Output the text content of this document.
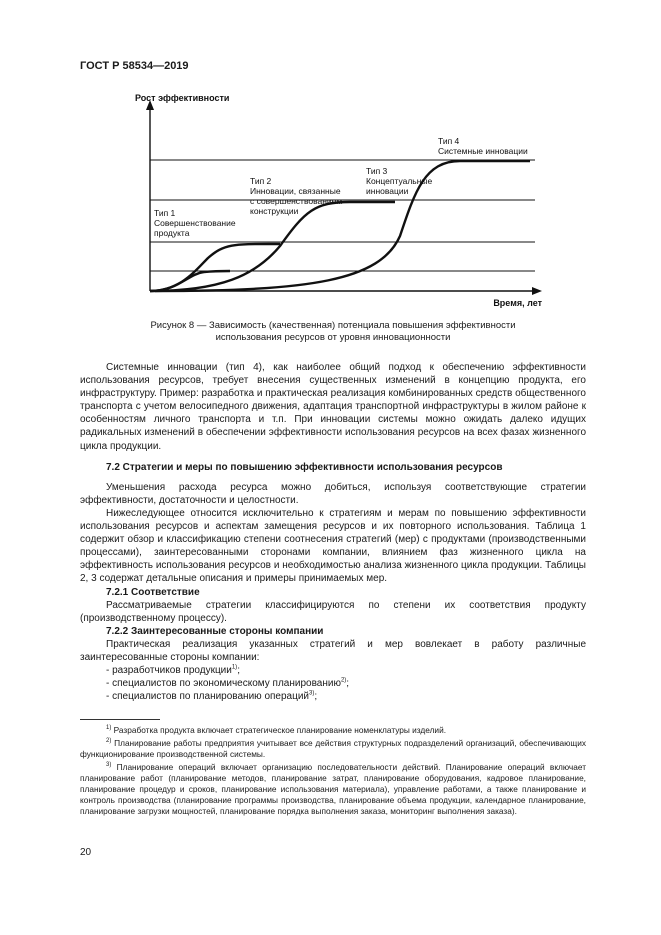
ГОСТ Р 58534—2019
Рост эффективности
Время, лет
Тип 1 Совершенствование продукта
Тип 2 Инновации, связанные с совершенствованием конструкции
Тип 3 Концептуальные инновации
Тип 4 Системные инновации
Рисунок 8 — Зависимость (качественная) потенциала повышения эффективности
использования ресурсов от уровня инновационности

Системные инновации (тип 4), как наиболее общий подход к обеспечению эффективности использования ресурсов, требует внесения существенных изменений в концепцию продукта, его инфраструктуру. Пример: разработка и практическая реализация комбинированных средств общественного транспорта с учетом велосипедного движения, адаптация транспортной инфраструктуры в жилом районе к особенностям личного транспорта и т.п. При инновации системы можно ожидать далеко идущих радикальных изменений в обеспечении эффективности использования ресурсов на всех фазах жизненного цикла продукции.

7.2 Стратегии и меры по повышению эффективности использования ресурсов

Уменьшения расхода ресурса можно добиться, используя соответствующие стратегии эффективности, достаточности и целостности.

Нижеследующее относится исключительно к стратегиям и мерам по повышению эффективности использования ресурсов и аспектам замещения ресурсов и их повторного использования. Таблица 1 содержит обзор и классификацию степени соотнесения стратегий (мер) с продуктами (производственными процессами), заинтересованными сторонами компании, влиянием фаз жизненного цикла на эффективность использования ресурсов и необходимостью анализа жизненного цикла продукции. Таблицы 2, 3 содержат детальные описания и примеры принимаемых мер.

7.2.1 Соответствие

Рассматриваемые стратегии классифицируются по степени их соответствия продукту (производственному процессу).

7.2.2 Заинтересованные стороны компании

Практическая реализация указанных стратегий и мер вовлекает в работу различные заинтересованные стороны компании:

- разработчиков продукции$^{1)}$;

- специалистов по экономическому планированию$^{2)}$;

- специалистов по планированию операций$^{3)}$;

$^{1)}$ Разработка продукта включает стратегическое планирование номенклатуры изделий.

$^{2)}$ Планирование работы предприятия учитывает все действия структурных подразделений организаций, обеспечивающих функционирование производственной системы.

$^{3)}$ Планирование операций включает организацию последовательности действий. Планирование операций включает планирование работ (планирование методов, планирование затрат, планирование оборудования, кадровое планирование, планирование процедур и сроков, планирование использования материала), управление работами, а также планирование и контроль производства (планирование программы производства, планирование объема продукции, календарное планирование, планирование загрузки мощностей, планирование порядка выполнения заказа, мониторинг выполнения заказа).

20
